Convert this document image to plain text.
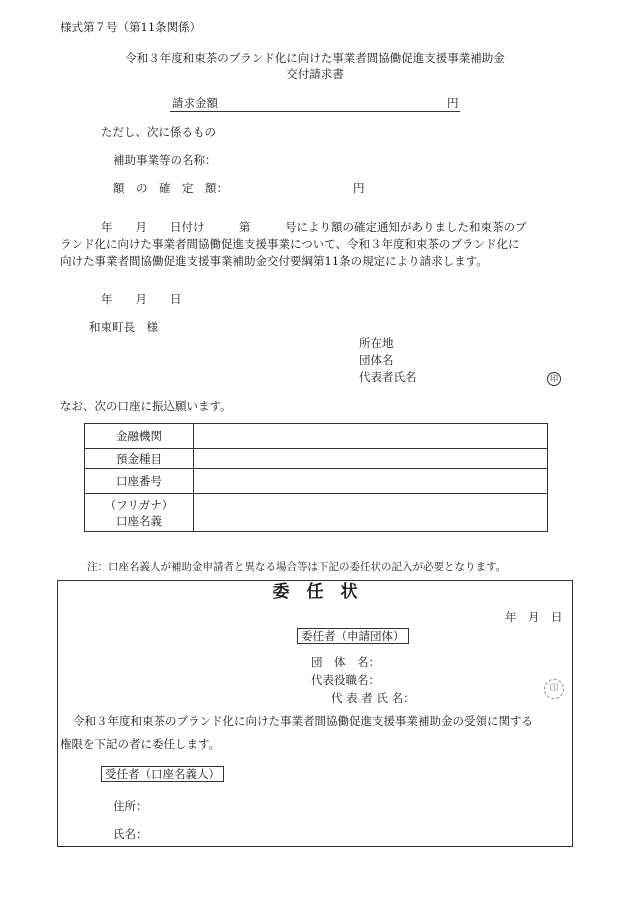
様式第７号（第11条関係）
令和３年度和束茶のブランド化に向けた事業者間協働促進支援事業補助金
交付請求書
請求金額	円
ただし、次に係るもの
補助事業等の名称：
額　の　確　定　額：	円
　　年　　月　　日付け　　　第　　　号により額の確定通知がありました和束茶のブ
ランド化に向けた事業者間協働促進支援事業について、令和３年度和束茶のブランド化に
向けた事業者間協働促進支援事業補助金交付要綱第11条の規定により請求します。
年　　月　　日
和束町長　様
所在地
団体名
代表者氏名	印
なお、次の口座に振込願います。
金融機関	
預金種目	
口座番号	

（フリガナ）
口座名義	

注：口座名義人が補助金申請者と異なる場合等は下記の委任状の記入が必要となります。
委　任　状
年　月　日
委任者（申請団体）
団　体　名：
代表役職名：
代 表 者 氏 名：
印
令和３年度和束茶のブランド化に向けた事業者間協働促進支援事業補助金の受領に関する
権限を下記の者に委任します。
受任者（口座名義人）
住所：
氏名：
